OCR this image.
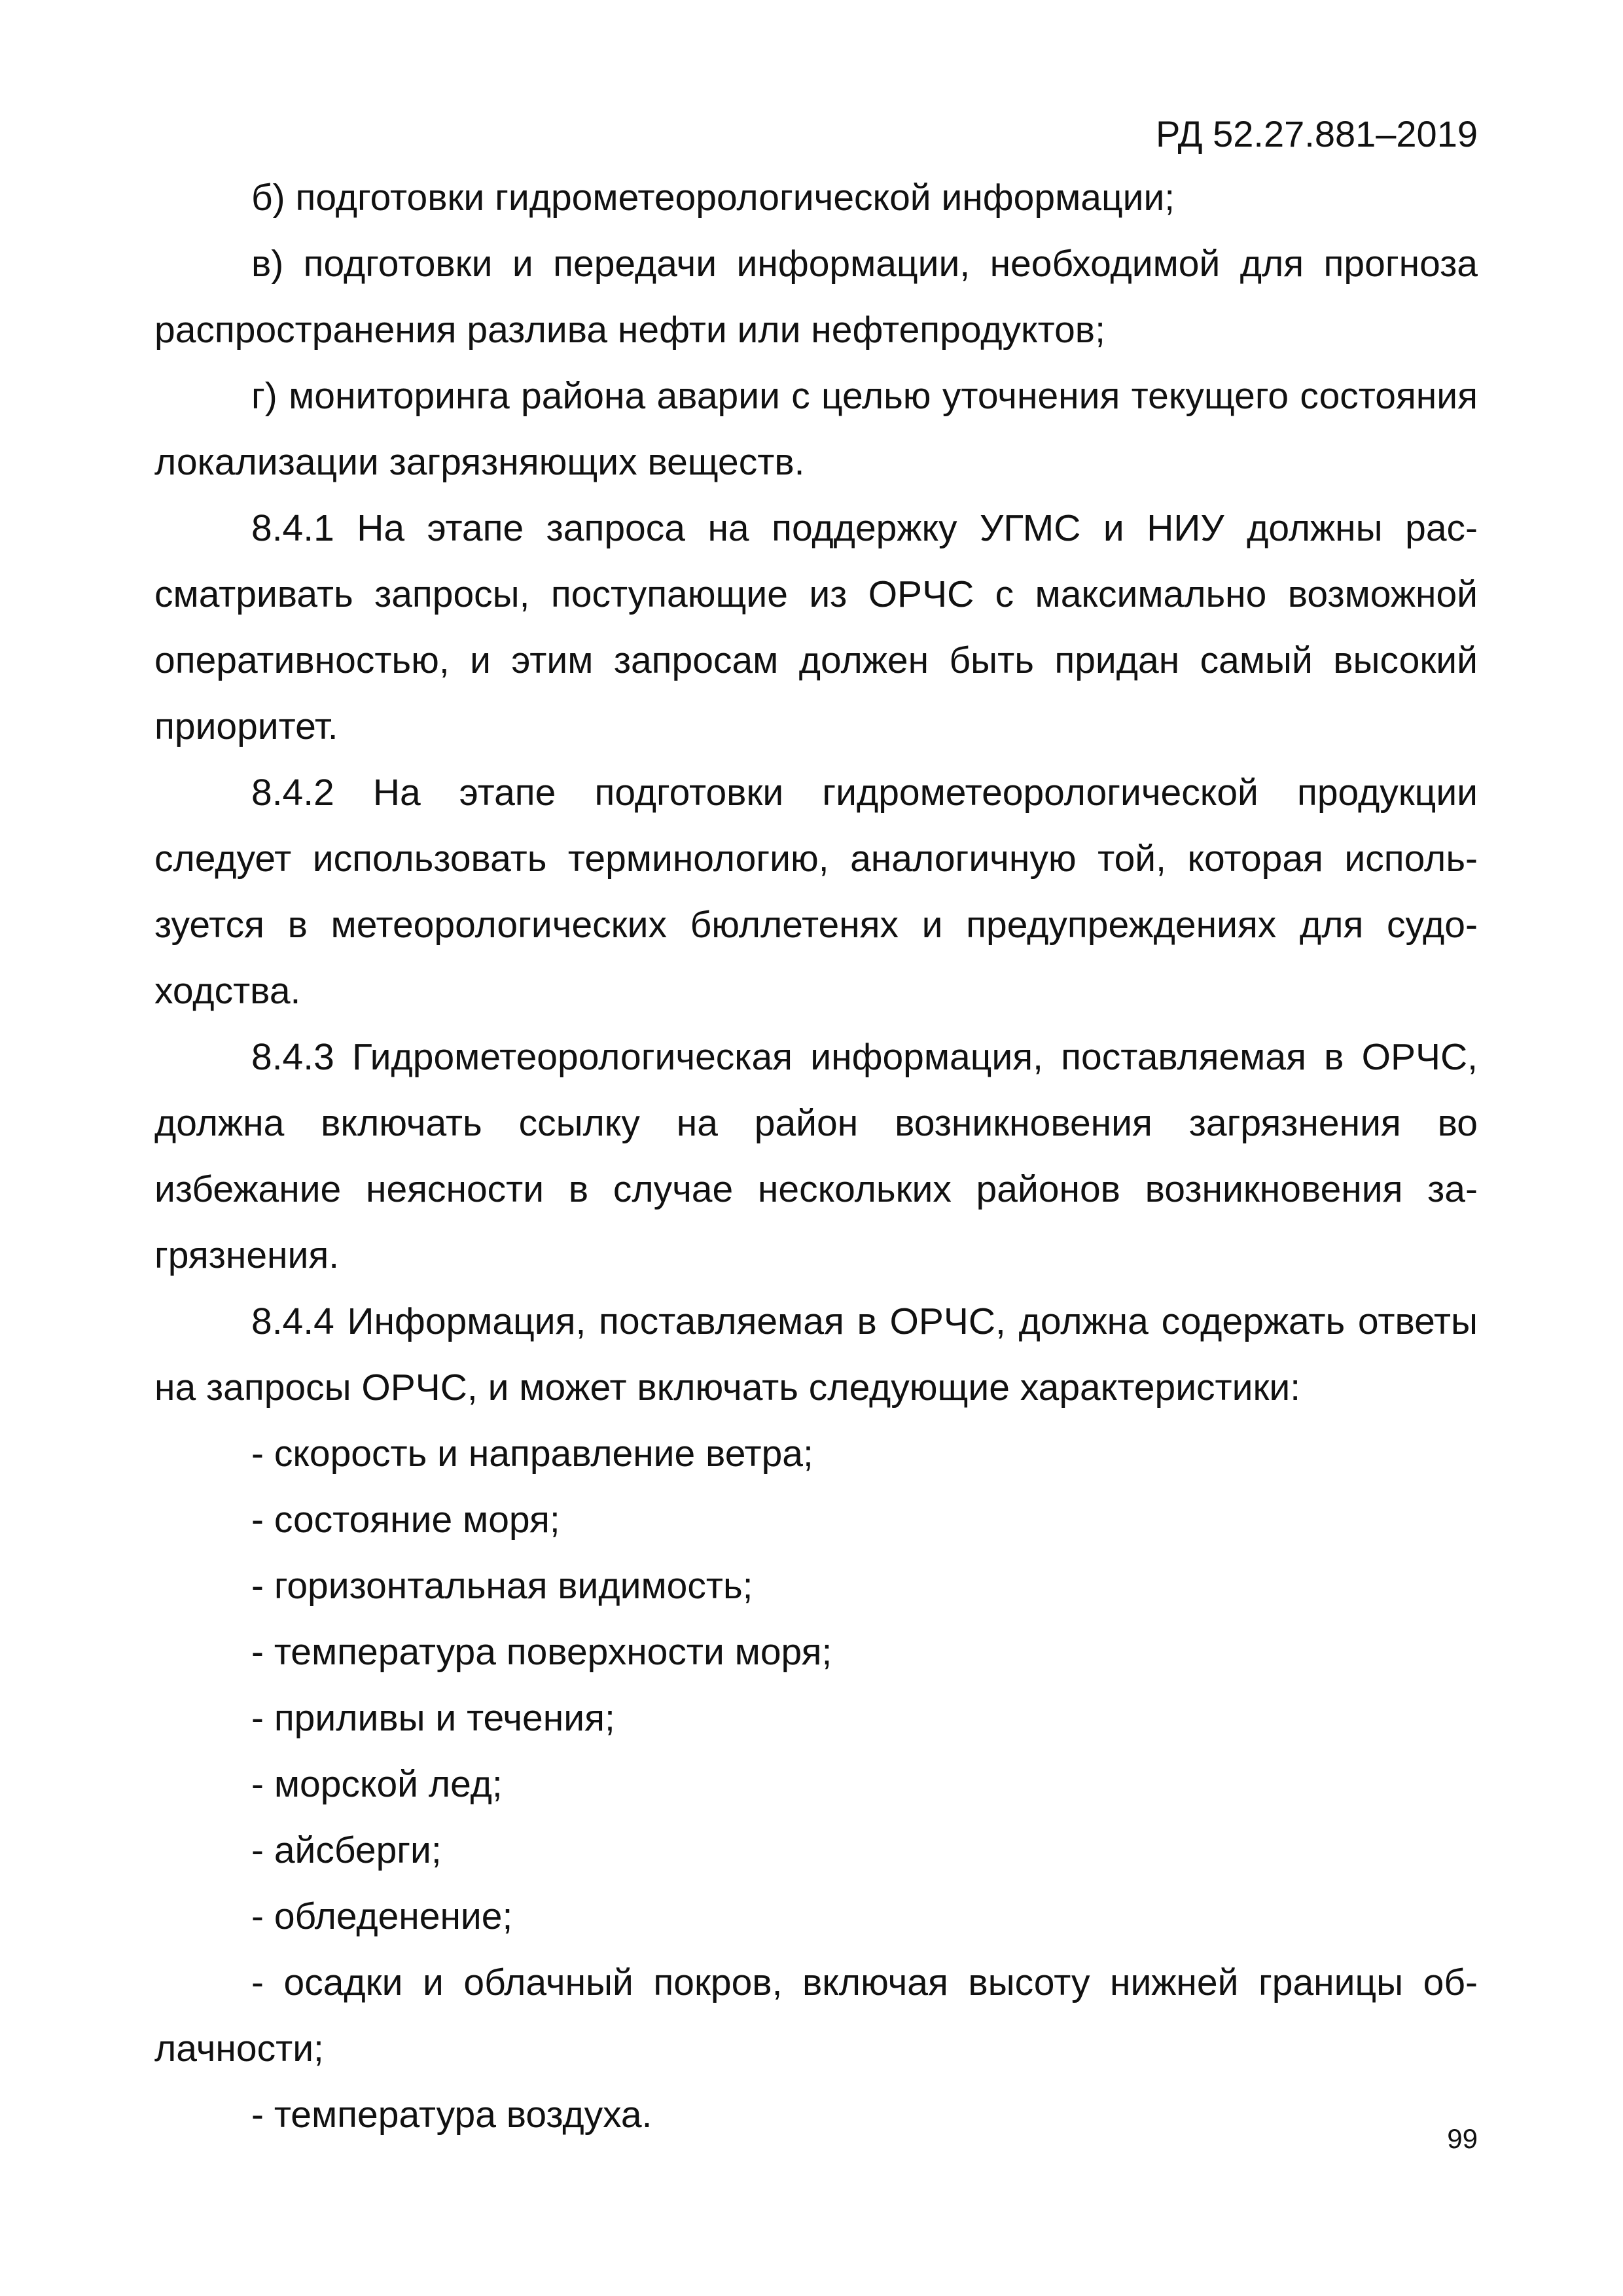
РД 52.27.881–2019

б) подготовки гидрометеорологической информации;

в) подготовки и передачи информации, необходимой для прогноза распространения разлива нефти или нефтепродуктов;

г) мониторинга района аварии с целью уточнения текущего состояния локализации загрязняющих веществ.

8.4.1 На этапе запроса на поддержку УГМС и НИУ должны рассматривать запросы, поступающие из ОРЧС с максимально возможной оперативностью, и этим запросам должен быть придан самый высокий приоритет.

8.4.2 На этапе подготовки гидрометеорологической продукции следует использовать терминологию, аналогичную той, которая используется в метеорологических бюллетенях и предупреждениях для судоходства.

8.4.3 Гидрометеорологическая информация, поставляемая в ОРЧС, должна включать ссылку на район возникновения загрязнения во избежание неясности в случае нескольких районов возникновения загрязнения.

8.4.4 Информация, поставляемая в ОРЧС, должна содержать ответы на запросы ОРЧС, и может включать следующие характеристики:

- скорость и направление ветра;

- состояние моря;

- горизонтальная видимость;

- температура поверхности моря;

- приливы и течения;

- морской лед;

- айсберги;

- обледенение;

- осадки и облачный покров, включая высоту нижней границы облачности;

- температура воздуха.

99
